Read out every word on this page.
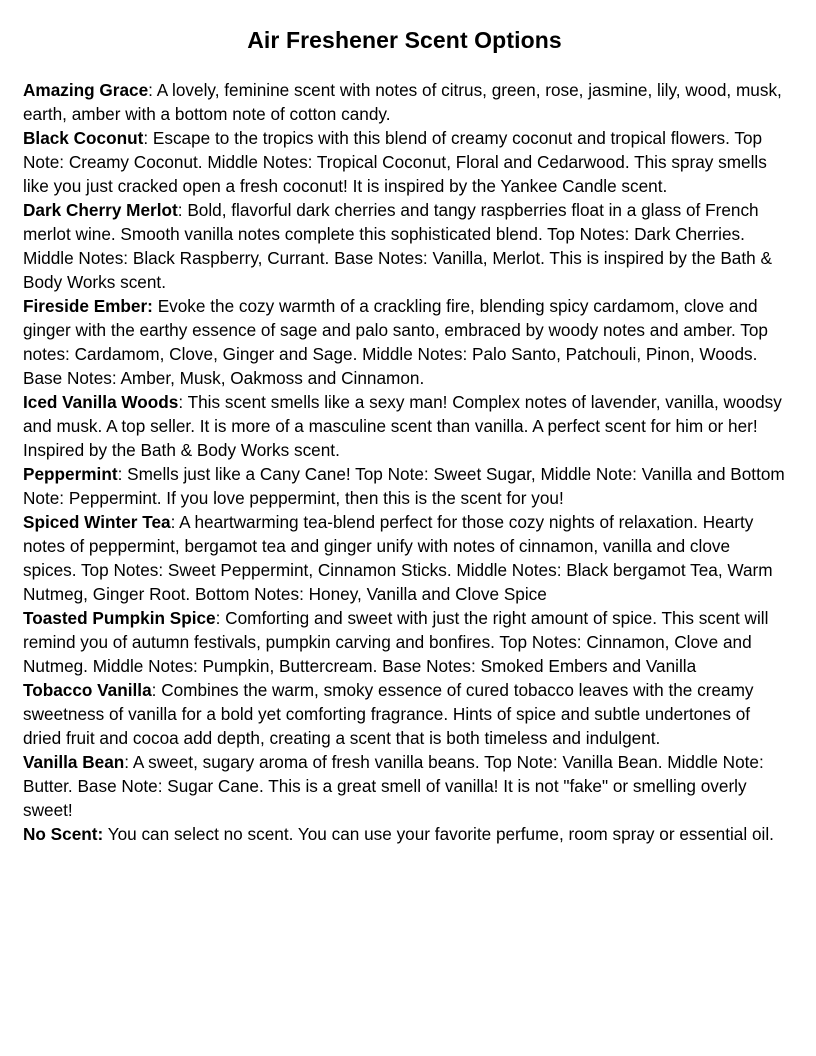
Air Freshener Scent Options

Amazing Grace: A lovely, feminine scent with notes of citrus, green, rose, jasmine, lily, wood, musk, earth, amber with a bottom note of cotton candy.

Black Coconut: Escape to the tropics with this blend of creamy coconut and tropical flowers. Top Note: Creamy Coconut. Middle Notes: Tropical Coconut, Floral and Cedarwood. This spray smells like you just cracked open a fresh coconut! It is inspired by the Yankee Candle scent.

Dark Cherry Merlot: Bold, flavorful dark cherries and tangy raspberries float in a glass of French merlot wine. Smooth vanilla notes complete this sophisticated blend. Top Notes: Dark Cherries. Middle Notes: Black Raspberry, Currant. Base Notes: Vanilla, Merlot. This is inspired by the Bath & Body Works scent.

Fireside Ember: Evoke the cozy warmth of a crackling fire, blending spicy cardamom, clove and ginger with the earthy essence of sage and palo santo, embraced by woody notes and amber. Top notes: Cardamom, Clove, Ginger and Sage. Middle Notes: Palo Santo, Patchouli, Pinon, Woods. Base Notes: Amber, Musk, Oakmoss and Cinnamon.

Iced Vanilla Woods: This scent smells like a sexy man! Complex notes of lavender, vanilla, woodsy and musk. A top seller. It is more of a masculine scent than vanilla. A perfect scent for him or her! Inspired by the Bath & Body Works scent.

Peppermint: Smells just like a Cany Cane! Top Note: Sweet Sugar, Middle Note: Vanilla and Bottom Note: Peppermint. If you love peppermint, then this is the scent for you!

Spiced Winter Tea: A heartwarming tea-blend perfect for those cozy nights of relaxation. Hearty notes of peppermint, bergamot tea and ginger unify with notes of cinnamon, vanilla and clove spices. Top Notes: Sweet Peppermint, Cinnamon Sticks. Middle Notes: Black bergamot Tea, Warm Nutmeg, Ginger Root. Bottom Notes: Honey, Vanilla and Clove Spice

Toasted Pumpkin Spice: Comforting and sweet with just the right amount of spice. This scent will remind you of autumn festivals, pumpkin carving and bonfires. Top Notes: Cinnamon, Clove and Nutmeg. Middle Notes: Pumpkin, Buttercream. Base Notes: Smoked Embers and Vanilla

Tobacco Vanilla: Combines the warm, smoky essence of cured tobacco leaves with the creamy sweetness of vanilla for a bold yet comforting fragrance. Hints of spice and subtle undertones of dried fruit and cocoa add depth, creating a scent that is both timeless and indulgent.

Vanilla Bean: A sweet, sugary aroma of fresh vanilla beans. Top Note: Vanilla Bean. Middle Note: Butter. Base Note: Sugar Cane. This is a great smell of vanilla! It is not "fake" or smelling overly sweet!

No Scent: You can select no scent. You can use your favorite perfume, room spray or essential oil.
